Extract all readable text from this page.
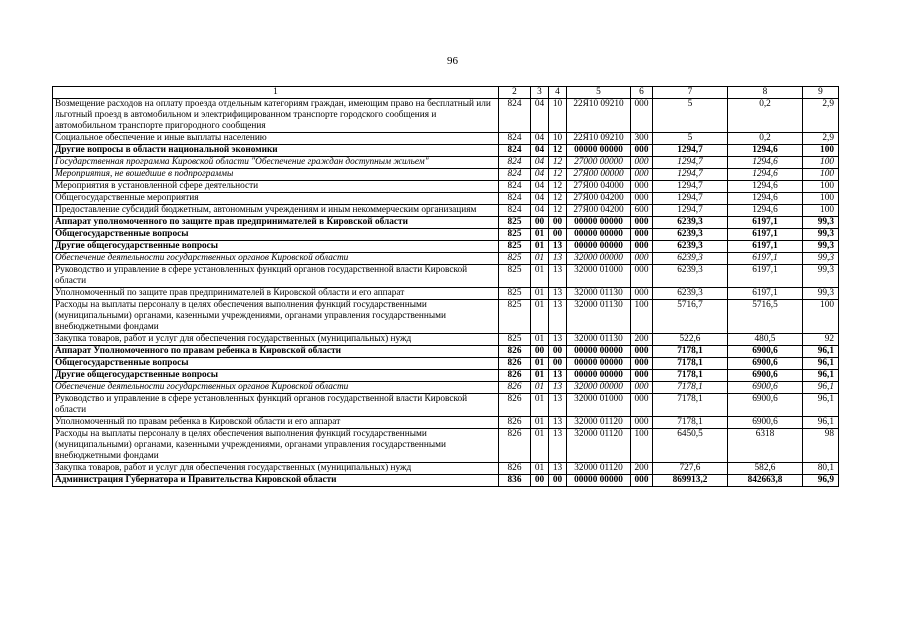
96
1	2	3	4	5	6	7	8	9
Возмещение расходов на оплату проезда отдельным категориям граждан, имеющим право на бесплатный или льготный проезд в автомобильном и электрифицированном транспорте городского сообщения и автомобильном транспорте пригородного сообщения	824	04	10	22Я10 09210	000	5	0,2	2,9
Социальное обеспечение и иные выплаты населению	824	04	10	22Я10 09210	300	5	0,2	2,9
Другие вопросы в области национальной экономики	824	04	12	00000 00000	000	1294,7	1294,6	100
Государственная программа Кировской области "Обеспечение граждан доступным жильем"	824	04	12	27000 00000	000	1294,7	1294,6	100
Мероприятия, не вошедшие в подпрограммы	824	04	12	27Я00 00000	000	1294,7	1294,6	100
Мероприятия в установленной сфере деятельности	824	04	12	27Я00 04000	000	1294,7	1294,6	100
Общегосударственные мероприятия	824	04	12	27Я00 04200	000	1294,7	1294,6	100
Предоставление субсидий бюджетным, автономным учреждениям и иным некоммерческим организациям	824	04	12	27Я00 04200	600	1294,7	1294,6	100
Аппарат уполномоченного по защите прав предпринимателей в Кировской области	825	00	00	00000 00000	000	6239,3	6197,1	99,3
Общегосударственные вопросы	825	01	00	00000 00000	000	6239,3	6197,1	99,3
Другие общегосударственные вопросы	825	01	13	00000 00000	000	6239,3	6197,1	99,3
Обеспечение деятельности государственных органов Кировской области	825	01	13	32000 00000	000	6239,3	6197,1	99,3
Руководство и управление в сфере установленных функций органов государственной власти Кировской области	825	01	13	32000 01000	000	6239,3	6197,1	99,3
Уполномоченный по защите прав предпринимателей в Кировской области и его аппарат	825	01	13	32000 01130	000	6239,3	6197,1	99,3
Расходы на выплаты персоналу в целях обеспечения выполнения функций государственными (муниципальными) органами, казенными учреждениями, органами управления государственными внебюджетными фондами	825	01	13	32000 01130	100	5716,7	5716,5	100
Закупка товаров, работ и услуг для обеспечения государственных (муниципальных) нужд	825	01	13	32000 01130	200	522,6	480,5	92
Аппарат Уполномоченного по правам ребенка в Кировской области	826	00	00	00000 00000	000	7178,1	6900,6	96,1
Общегосударственные вопросы	826	01	00	00000 00000	000	7178,1	6900,6	96,1
Другие общегосударственные вопросы	826	01	13	00000 00000	000	7178,1	6900,6	96,1
Обеспечение деятельности государственных органов Кировской области	826	01	13	32000 00000	000	7178,1	6900,6	96,1
Руководство и управление в сфере установленных функций органов государственной власти Кировской области	826	01	13	32000 01000	000	7178,1	6900,6	96,1
Уполномоченный по правам ребенка в Кировской области и его аппарат	826	01	13	32000 01120	000	7178,1	6900,6	96,1
Расходы на выплаты персоналу в целях обеспечения выполнения функций государственными (муниципальными) органами, казенными учреждениями, органами управления государственными внебюджетными фондами	826	01	13	32000 01120	100	6450,5	6318	98
Закупка товаров, работ и услуг для обеспечения государственных (муниципальных) нужд	826	01	13	32000 01120	200	727,6	582,6	80,1
Администрация Губернатора и Правительства Кировской области	836	00	00	00000 00000	000	869913,2	842663,8	96,9
